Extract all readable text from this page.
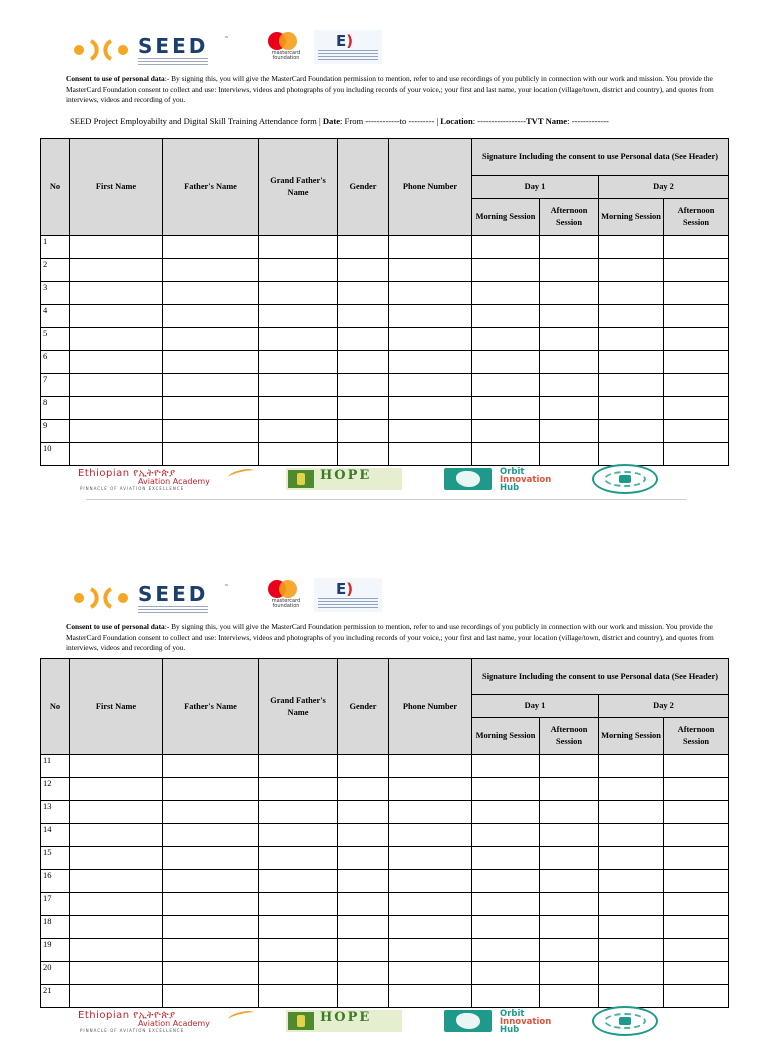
SEED	™
mastercard foundation
E)

Consent to use of personal data:- By signing this, you will give the MasterCard Foundation permission to mention, refer to and use recordings of you publicly in connection with our work and mission. You provide the MasterCard Foundation consent to collect and use: Interviews, videos and photographs of you including records of your voice,; your first and last name, your location (village/town, district and country), and quotes from interviews, videos and recording of you.

SEED Project Employabilty and Digital Skill Training Attendance form | Date: From ------------to --------- | Location: -----------------TVT Name: -------------
No	First Name	Father's Name	Grand Father's Name	Gender	Phone Number	Signature Including the consent to use Personal data (See Header)			
						Day 1		Day 2	
						Morning Session	Afternoon Session	Morning Session	Afternoon Session
1									
2									
3									
4									
5									
6									
7									
8									
9									
10									
Ethiopian የኢትዮጵያ
Aviation Academy
PINNACLE OF AVIATION EXCELLENCE
HOPE	Orbit
Innovation
Hub
SEED	™
mastercard foundation
E)

Consent to use of personal data:- By signing this, you will give the MasterCard Foundation permission to mention, refer to and use recordings of you publicly in connection with our work and mission. You provide the MasterCard Foundation consent to collect and use: Interviews, videos and photographs of you including records of your voice,; your first and last name, your location (village/town, district and country), and quotes from interviews, videos and recording of you.

No	First Name	Father's Name	Grand Father's Name	Gender	Phone Number	Signature Including the consent to use Personal data (See Header)			
						Day 1		Day 2	
						Morning Session	Afternoon Session	Morning Session	Afternoon Session
11									
12									
13									
14									
15									
16									
17									
18									
19									
20									
21									
Ethiopian የኢትዮጵያ
Aviation Academy
PINNACLE OF AVIATION EXCELLENCE
HOPE	Orbit
Innovation
Hub
